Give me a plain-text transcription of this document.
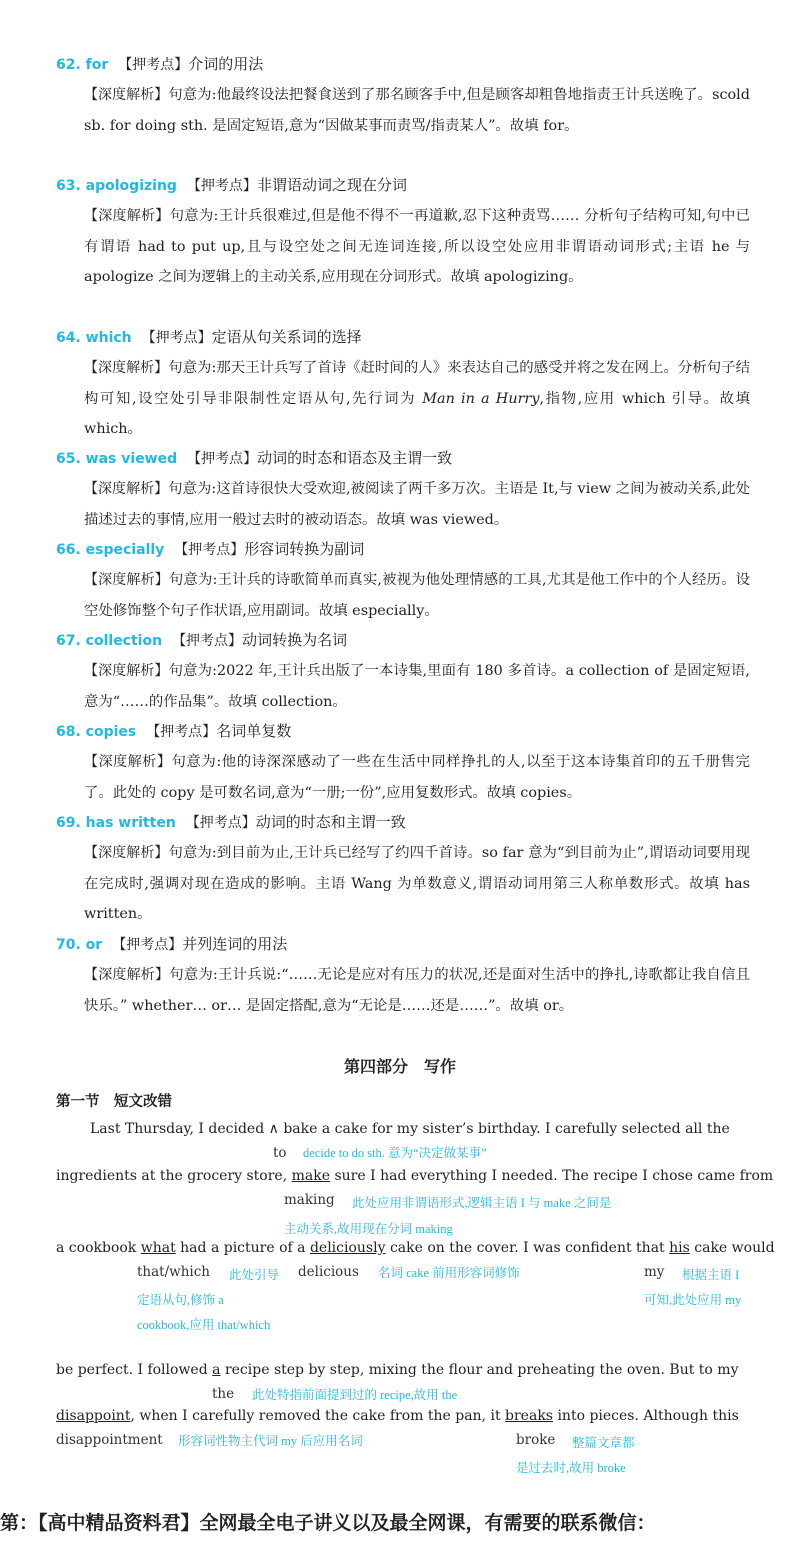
62. for 【押考点】介词的用法
【深度解析】句意为:他最终设法把餐食送到了那名顾客手中,但是顾客却粗鲁地指责王计兵送晚了。scold sb. for doing sth. 是固定短语,意为“因做某事而责骂/指责某人”。故填 for。
63. apologizing 【押考点】非谓语动词之现在分词
【深度解析】句意为:王计兵很难过,但是他不得不一再道歉,忍下这种责骂…… 分析句子结构可知,句中已有谓语 had to put up,且与设空处之间无连词连接,所以设空处应用非谓语动词形式;主语 he 与 apologize 之间为逻辑上的主动关系,应用现在分词形式。故填 apologizing。
64. which 【押考点】定语从句关系词的选择
【深度解析】句意为:那天王计兵写了首诗《赶时间的人》来表达自己的感受并将之发在网上。分析句子结构可知,设空处引导非限制性定语从句,先行词为 Man in a Hurry,指物,应用 which 引导。故填 which。
65. was viewed 【押考点】动词的时态和语态及主谓一致
【深度解析】句意为:这首诗很快大受欢迎,被阅读了两千多万次。主语是 It,与 view 之间为被动关系,此处描述过去的事情,应用一般过去时的被动语态。故填 was viewed。
66. especially 【押考点】形容词转换为副词
【深度解析】句意为:王计兵的诗歌简单而真实,被视为他处理情感的工具,尤其是他工作中的个人经历。设空处修饰整个句子作状语,应用副词。故填 especially。
67. collection 【押考点】动词转换为名词
【深度解析】句意为:2022 年,王计兵出版了一本诗集,里面有 180 多首诗。a collection of 是固定短语,意为“……的作品集”。故填 collection。
68. copies 【押考点】名词单复数
【深度解析】句意为:他的诗深深感动了一些在生活中同样挣扎的人,以至于这本诗集首印的五千册售完了。此处的 copy 是可数名词,意为“一册;一份”,应用复数形式。故填 copies。
69. has written 【押考点】动词的时态和主谓一致
【深度解析】句意为:到目前为止,王计兵已经写了约四千首诗。so far 意为“到目前为止”,谓语动词要用现在完成时,强调对现在造成的影响。主语 Wang 为单数意义,谓语动词用第三人称单数形式。故填 has written。
70. or 【押考点】并列连词的用法
【深度解析】句意为:王计兵说:“……无论是应对有压力的状况,还是面对生活中的挣扎,诗歌都让我自信且快乐。” whether… or… 是固定搭配,意为“无论是……还是……”。故填 or。
第四部分　写作
第一节　短文改错
Last Thursday, I decided ∧ bake a cake for my sister’s birthday. I carefully selected all the
to decide to do sth. 意为“决定做某事”
ingredients at the grocery store, make sure I had everything I needed. The recipe I chose came from
making	此处应用非谓语形式,逻辑主语 I 与 make 之间是主动关系,故用现在分词 making
a cookbook what had a picture of a deliciously cake on the cover. I was confident that his cake would
that/which	此处引导定语从句,修饰 a cookbook,应用 that/which
delicious 名词 cake 前用形容词修饰	my	根据主语 I 可知,此处应用 my
be perfect. I followed a recipe step by step, mixing the flour and preheating the oven. But to my
the 此处特指前面提到过的 recipe,故用 the
disappoint, when I carefully removed the cake from the pan, it breaks into pieces. Although this
disappointment 形容词性物主代词 my 后应用名词	broke	整篇文章都是过去时,故用 broke
第：【高中精品资料君】全网最全电子讲义以及最全网课，有需要的联系微信：
